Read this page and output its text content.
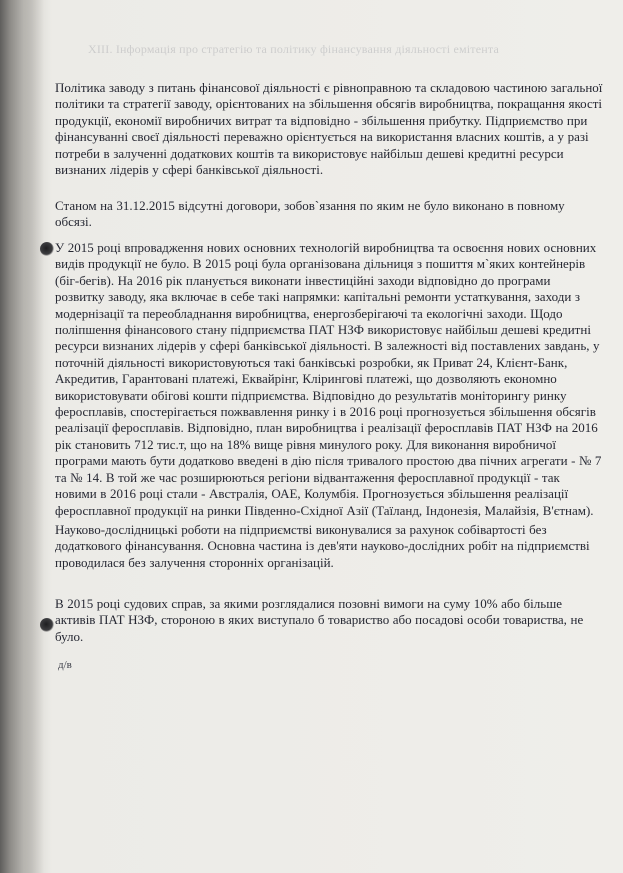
XIII. Інформація про стратегію та політику фінансування діяльності емітента
Політика заводу з питань фінансової діяльності є рівноправною та складовою частиною загальної політики та стратегії заводу, орієнтованих на збільшення обсягів виробництва, покращання якості продукції, економії виробничих витрат та відповідно - збільшення прибутку. Підприємство при фінансуванні своєї діяльності переважно орієнтується на використання власних коштів, а у разі потреби в залученні додаткових коштів та використовує найбільш дешеві кредитні ресурси визнаних лідерів у сфері банківської діяльності.
Станом на 31.12.2015 відсутні договори, зобов`язання по яким не було виконано в повному обсязі.
У 2015 році впровадження нових основних технологій виробництва та освоєння нових основних видів продукції не було. В 2015 році була організована дільниця з пошиття м`яких контейнерів (біг-бегів). На 2016 рік планується виконати інвестиційні заходи відповідно до програми розвитку заводу, яка включає в себе такі напрямки: капітальні ремонти устаткування, заходи з модернізації та переобладнання виробництва, енергозберігаючі та екологічні заходи. Щодо поліпшення фінансового стану підприємства ПАТ НЗФ використовує найбільш дешеві кредитні ресурси визнаних лідерів у сфері банківської діяльності. В залежності від поставлених завдань, у поточній діяльності використовуються такі банківські розробки, як Приват 24, Клієнт-Банк, Акредитив, Гарантовані платежі, Еквайрінг, Клірингові платежі, що дозволяють економно використовувати обігові кошти підприємства. Відповідно до результатів моніторингу ринку феросплавів, спостерігається пожвавлення ринку і в 2016 році прогнозується збільшення обсягів реалізації феросплавів. Відповідно, план виробництва і реалізації феросплавів ПАТ НЗФ на 2016 рік становить 712 тис.т, що на 18% вище рівня минулого року. Для виконання виробничої програми мають бути додатково введені в дію після тривалого простою два пічних агрегати - № 7 та № 14. В той же час розширюються регіони відвантаження феросплавної продукції - так новими в 2016 році стали - Австралія, ОАЕ, Колумбія. Прогнозується збільшення реалізації феросплавної продукції на ринки Південно-Східної Азії (Таїланд, Індонезія, Малайзія, В'єтнам).
Науково-дослідницькі роботи на підприємстві виконувалися за рахунок собівартості без додаткового фінансування. Основна частина із дев'яти науково-дослідних робіт на підприємстві проводилася без залучення сторонніх організацій.
В 2015 році судових справ, за якими розглядалися позовні вимоги на суму 10% або більше активів ПАТ НЗФ, стороною в яких виступало б товариство або посадові особи товариства, не було.
д/в
